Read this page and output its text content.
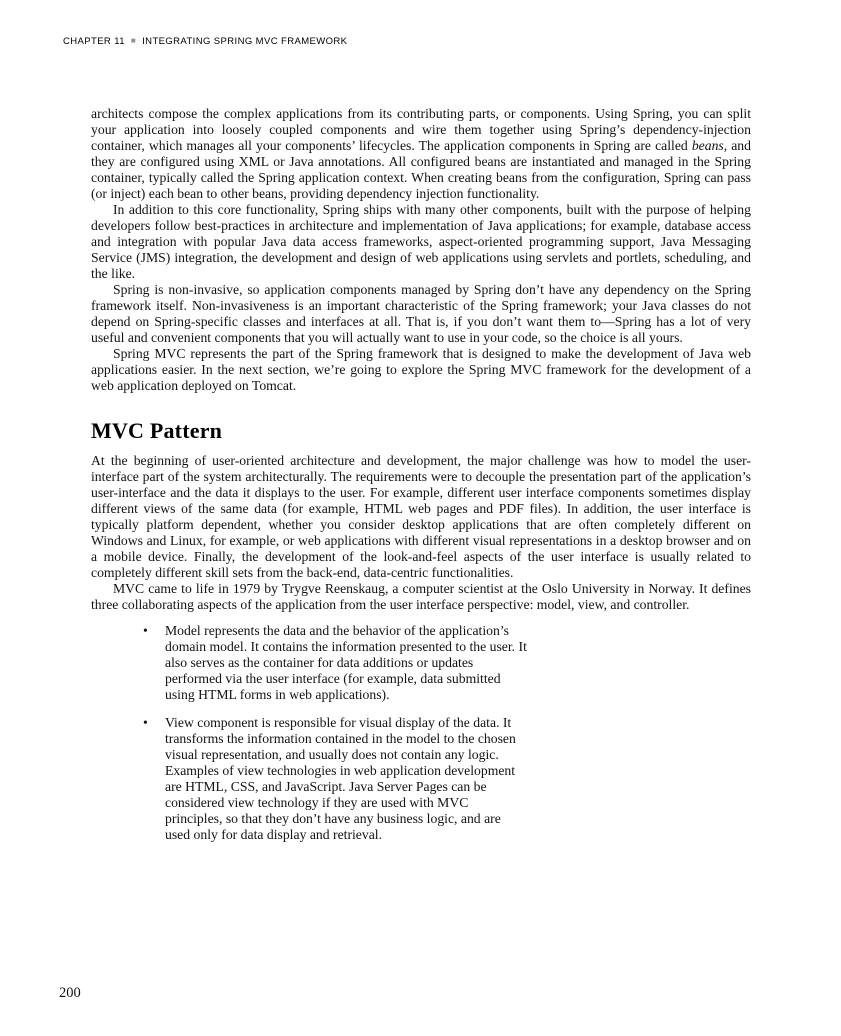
CHAPTER 11 ■ INTEGRATING SPRING MVC FRAMEWORK

architects compose the complex applications from its contributing parts, or components. Using Spring, you can split your application into loosely coupled components and wire them together using Spring’s dependency-injection container, which manages all your components’ lifecycles. The application components in Spring are called beans, and they are configured using XML or Java annotations. All configured beans are instantiated and managed in the Spring container, typically called the Spring application context. When creating beans from the configuration, Spring can pass (or inject) each bean to other beans, providing dependency injection functionality.

In addition to this core functionality, Spring ships with many other components, built with the purpose of helping developers follow best-practices in architecture and implementation of Java applications; for example, database access and integration with popular Java data access frameworks, aspect-oriented programming support, Java Messaging Service (JMS) integration, the development and design of web applications using servlets and portlets, scheduling, and the like.

Spring is non-invasive, so application components managed by Spring don’t have any dependency on the Spring framework itself. Non-invasiveness is an important characteristic of the Spring framework; your Java classes do not depend on Spring-specific classes and interfaces at all. That is, if you don’t want them to—Spring has a lot of very useful and convenient components that you will actually want to use in your code, so the choice is all yours.

Spring MVC represents the part of the Spring framework that is designed to make the development of Java web applications easier. In the next section, we’re going to explore the Spring MVC framework for the development of a web application deployed on Tomcat.

MVC Pattern

At the beginning of user-oriented architecture and development, the major challenge was how to model the user-interface part of the system architecturally. The requirements were to decouple the presentation part of the application’s user-interface and the data it displays to the user. For example, different user interface components sometimes display different views of the same data (for example, HTML web pages and PDF files). In addition, the user interface is typically platform dependent, whether you consider desktop applications that are often completely different on Windows and Linux, for example, or web applications with different visual representations in a desktop browser and on a mobile device. Finally, the development of the look-and-feel aspects of the user interface is usually related to completely different skill sets from the back-end, data-centric functionalities.

MVC came to life in 1979 by Trygve Reenskaug, a computer scientist at the Oslo University in Norway. It defines three collaborating aspects of the application from the user interface perspective: model, view, and controller.

•	Model represents the data and the behavior of the application’s domain model. It contains the information presented to the user. It also serves as the container for data additions or updates performed via the user interface (for example, data submitted using HTML forms in web applications).
•	View component is responsible for visual display of the data. It transforms the information contained in the model to the chosen visual representation, and usually does not contain any logic. Examples of view technologies in web application development are HTML, CSS, and JavaScript. Java Server Pages can be considered view technology if they are used with MVC principles, so that they don’t have any business logic, and are used only for data display and retrieval.
200
